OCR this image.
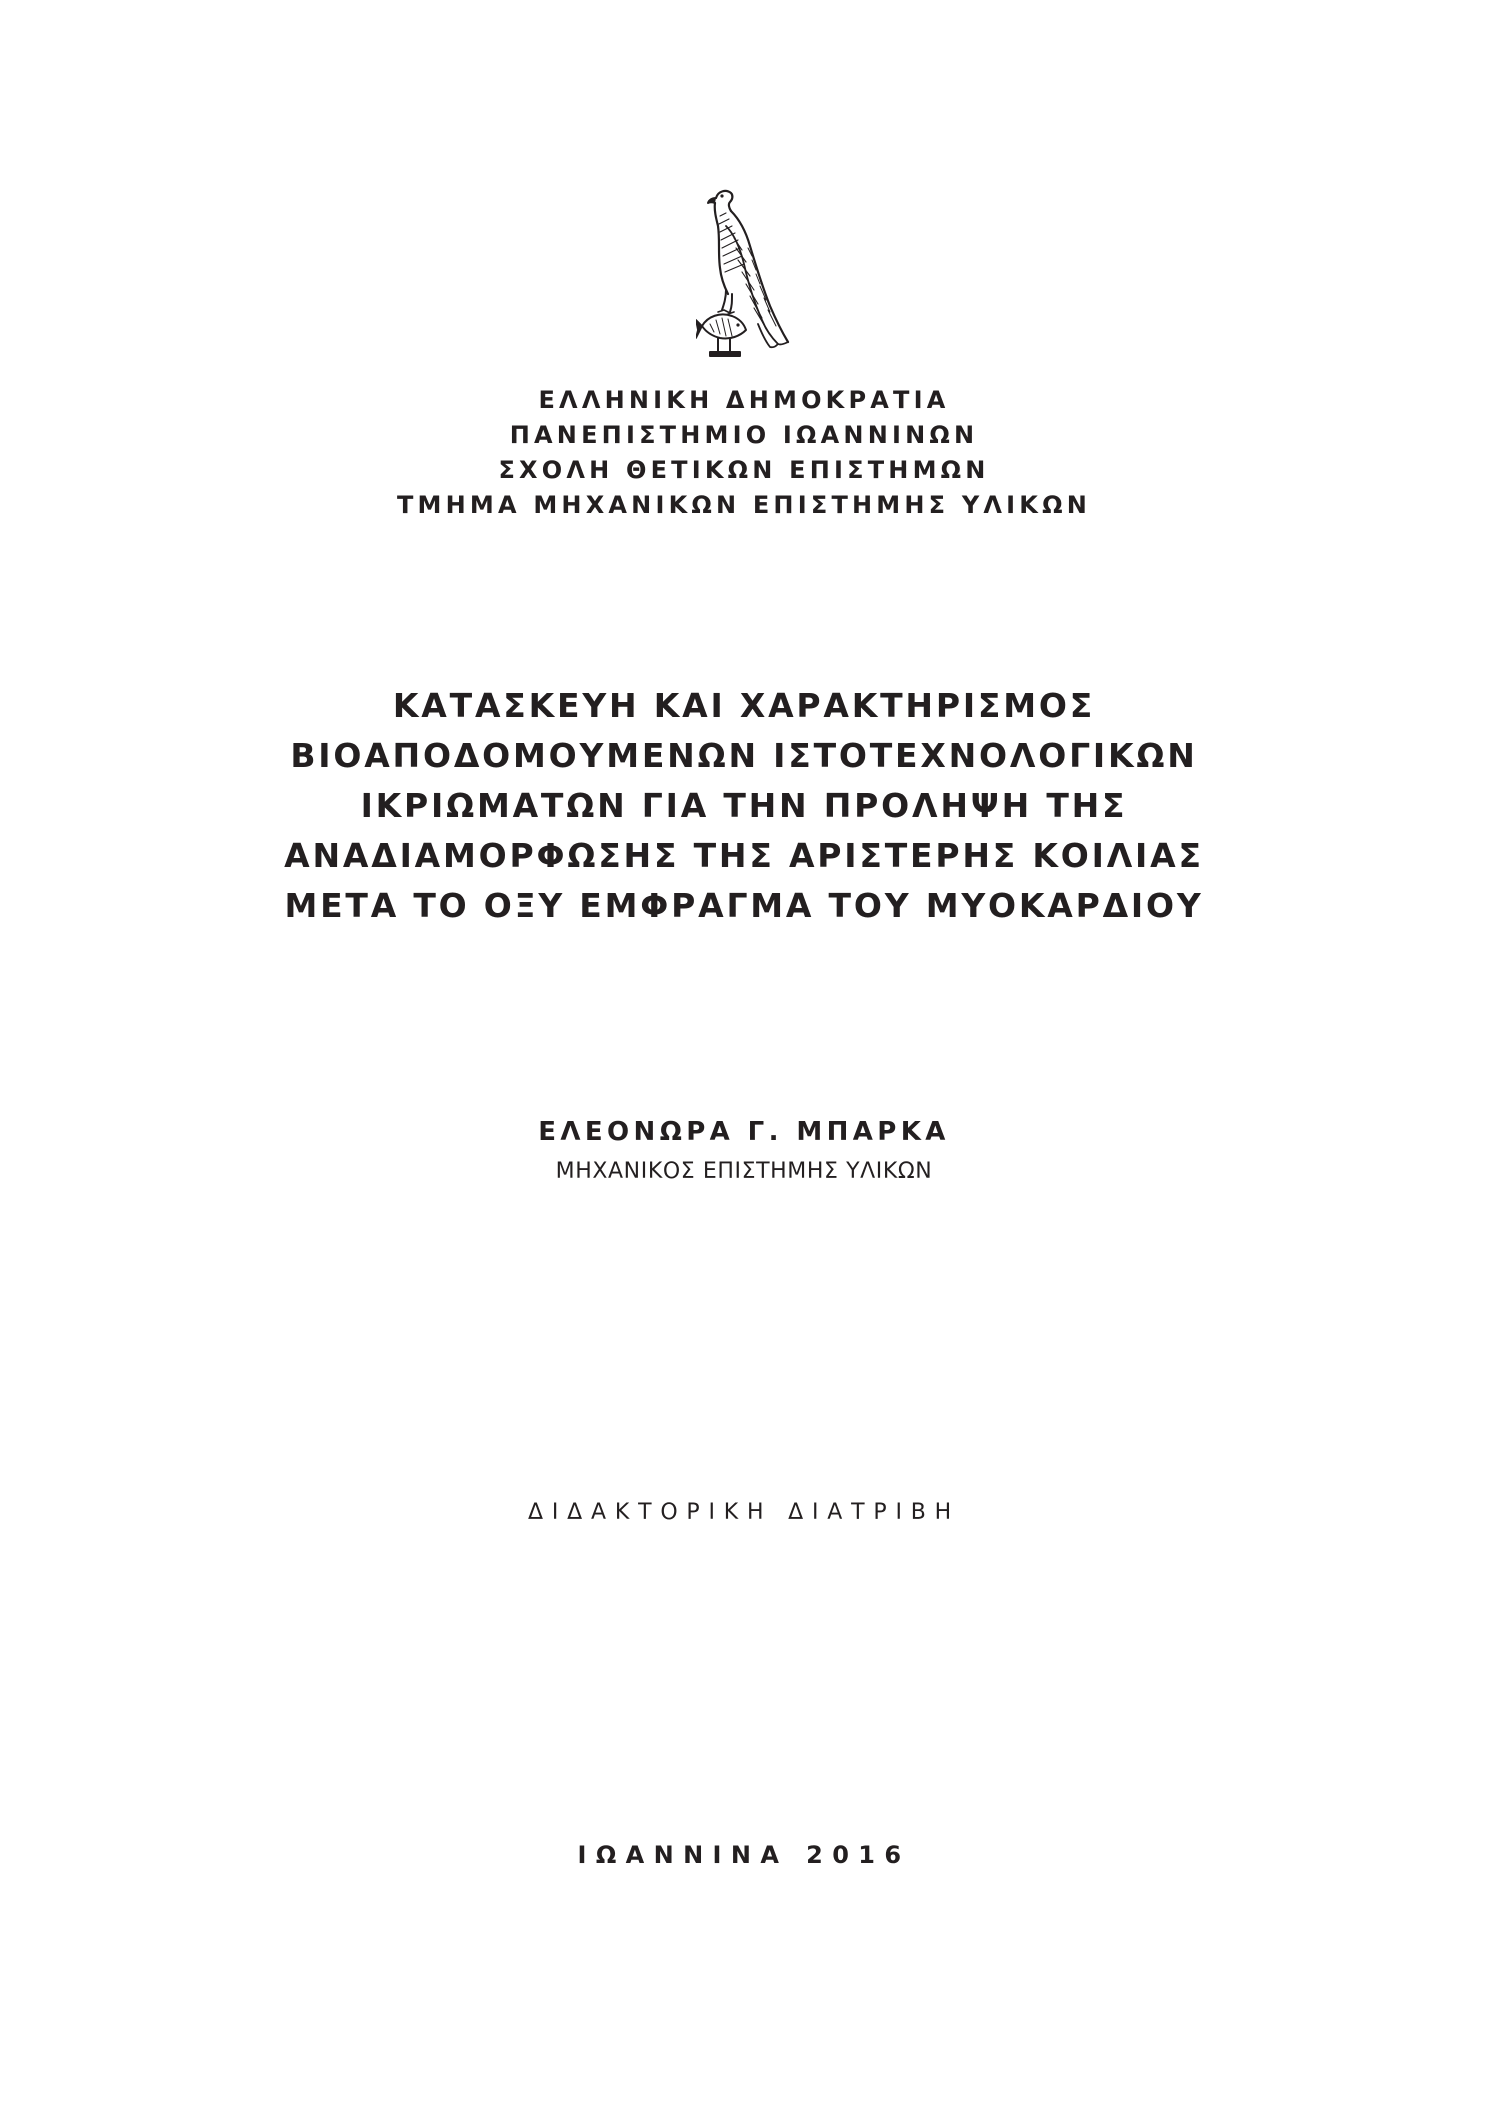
ΕΛΛΗΝΙΚΗ ΔΗΜΟΚΡΑΤΙΑ
ΠΑΝΕΠΙΣΤΗΜΙΟ ΙΩΑΝΝΙΝΩΝ
ΣΧΟΛΗ ΘΕΤΙΚΩΝ ΕΠΙΣΤΗΜΩΝ
ΤΜΗΜΑ ΜΗΧΑΝΙΚΩΝ ΕΠΙΣΤΗΜΗΣ ΥΛΙΚΩΝ
ΚΑΤΑΣΚΕΥΗ ΚΑΙ ΧΑΡΑΚΤΗΡΙΣΜΟΣ
ΒΙΟΑΠΟΔΟΜΟΥΜΕΝΩΝ ΙΣΤΟΤΕΧΝΟΛΟΓΙΚΩΝ
ΙΚΡΙΩΜΑΤΩΝ ΓΙΑ ΤΗΝ ΠΡΟΛΗΨΗ ΤΗΣ
ΑΝΑΔΙΑΜΟΡΦΩΣΗΣ ΤΗΣ ΑΡΙΣΤΕΡΗΣ ΚΟΙΛΙΑΣ
ΜΕΤΑ ΤΟ ΟΞΥ ΕΜΦΡΑΓΜΑ ΤΟΥ ΜΥΟΚΑΡΔΙΟΥ
ΕΛΕΟΝΩΡΑ Γ. ΜΠΑΡΚΑ
ΜΗΧΑΝΙΚΟΣ ΕΠΙΣΤΗΜΗΣ ΥΛΙΚΩΝ
ΔΙΔΑΚΤΟΡΙΚΗ ΔΙΑΤΡΙΒΗ
ΙΩΑΝΝΙΝΑ 2016
